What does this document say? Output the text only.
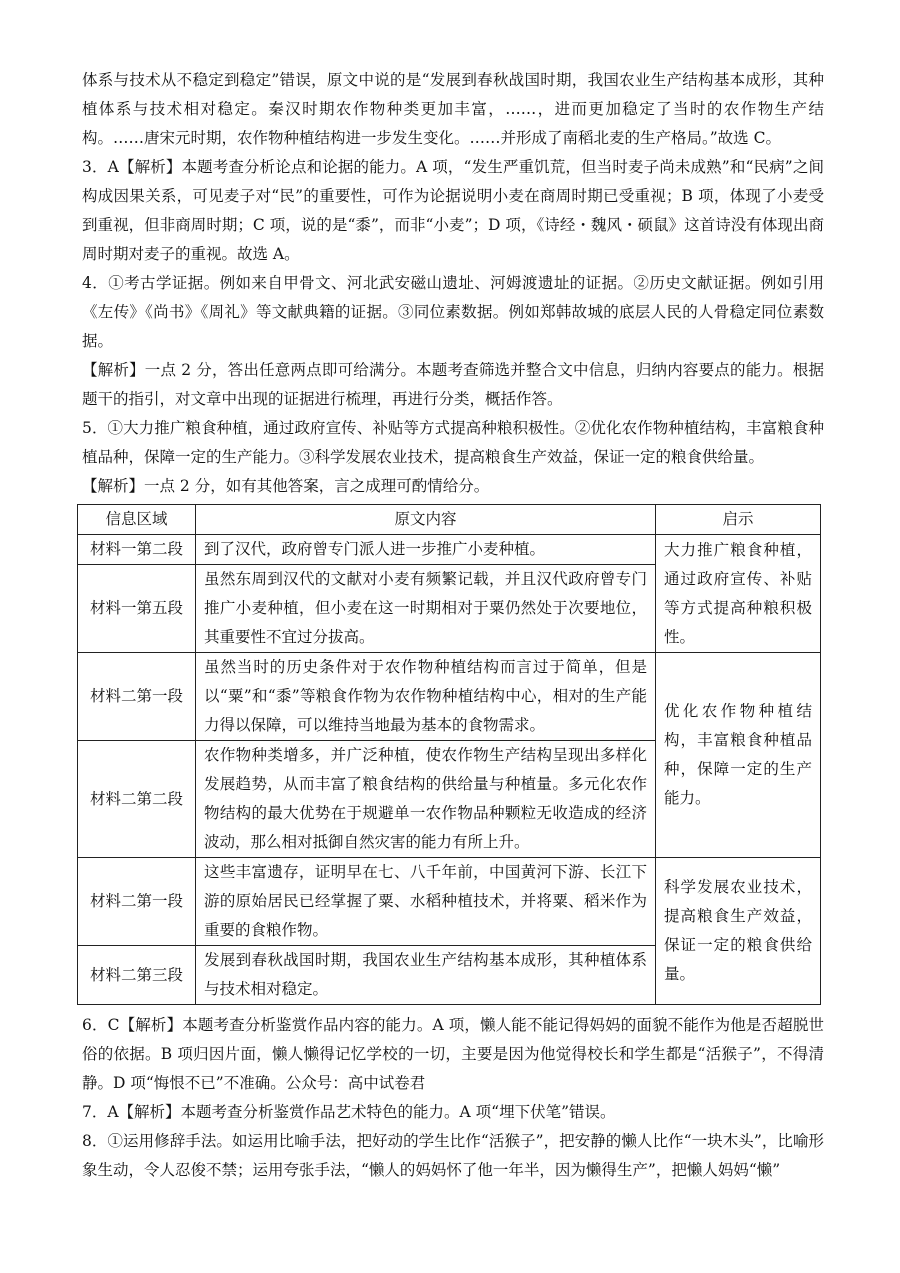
体系与技术从不稳定到稳定”错误，原文中说的是“发展到春秋战国时期，我国农业生产结构基本成形，其种植体系与技术相对稳定。秦汉时期农作物种类更加丰富，……，进而更加稳定了当时的农作物生产结构。……唐宋元时期，农作物种植结构进一步发生变化。……并形成了南稻北麦的生产格局。”故选 C。

3．A【解析】本题考查分析论点和论据的能力。A 项，“发生严重饥荒，但当时麦子尚未成熟”和“民病”之间构成因果关系，可见麦子对“民”的重要性，可作为论据说明小麦在商周时期已受重视；B 项，体现了小麦受到重视，但非商周时期；C 项，说的是“黍”，而非“小麦”；D 项，《诗经・魏风・硕鼠》这首诗没有体现出商周时期对麦子的重视。故选 A。

4．①考古学证据。例如来自甲骨文、河北武安磁山遗址、河姆渡遗址的证据。②历史文献证据。例如引用《左传》《尚书》《周礼》等文献典籍的证据。③同位素数据。例如郑韩故城的底层人民的人骨稳定同位素数据。

【解析】一点 2 分，答出任意两点即可给满分。本题考查筛选并整合文中信息，归纳内容要点的能力。根据题干的指引，对文章中出现的证据进行梳理，再进行分类，概括作答。

5．①大力推广粮食种植，通过政府宣传、补贴等方式提高种粮积极性。②优化农作物种植结构，丰富粮食种植品种，保障一定的生产能力。③科学发展农业技术，提高粮食生产效益，保证一定的粮食供给量。

【解析】一点 2 分，如有其他答案，言之成理可酌情给分。

信息区域	原文内容	启示
材料一第二段	到了汉代，政府曾专门派人进一步推广小麦种植。	大力推广粮食种植，通过政府宣传、补贴等方式提高种粮积极性。
材料一第五段	虽然东周到汉代的文献对小麦有频繁记载，并且汉代政府曾专门推广小麦种植，但小麦在这一时期相对于粟仍然处于次要地位，其重要性不宜过分拔高。	
材料二第一段	虽然当时的历史条件对于农作物种植结构而言过于简单，但是以“粟”和“黍”等粮食作物为农作物种植结构中心，相对的生产能力得以保障，可以维持当地最为基本的食物需求。	优化农作物种植结构，丰富粮食种植品种，保障一定的生产能力。
材料二第二段	农作物种类增多，并广泛种植，使农作物生产结构呈现出多样化发展趋势，从而丰富了粮食结构的供给量与种植量。多元化农作物结构的最大优势在于规避单一农作物品种颗粒无收造成的经济波动，那么相对抵御自然灾害的能力有所上升。	
材料二第一段	这些丰富遗存，证明早在七、八千年前，中国黄河下游、长江下游的原始居民已经掌握了粟、水稻种植技术，并将粟、稻米作为重要的食粮作物。	科学发展农业技术，提高粮食生产效益，保证一定的粮食供给量。
材料二第三段	发展到春秋战国时期，我国农业生产结构基本成形，其种植体系与技术相对稳定。	

6．C【解析】本题考查分析鉴赏作品内容的能力。A 项，懒人能不能记得妈妈的面貌不能作为他是否超脱世俗的依据。B 项归因片面，懒人懒得记忆学校的一切，主要是因为他觉得校长和学生都是“活猴子”，不得清静。D 项“悔恨不已”不准确。公众号：高中试卷君

7．A【解析】本题考查分析鉴赏作品艺术特色的能力。A 项“埋下伏笔”错误。

8．①运用修辞手法。如运用比喻手法，把好动的学生比作“活猴子”，把安静的懒人比作“一块木头”，比喻形象生动，令人忍俊不禁；运用夸张手法，“懒人的妈妈怀了他一年半，因为懒得生产”，把懒人妈妈“懒”
